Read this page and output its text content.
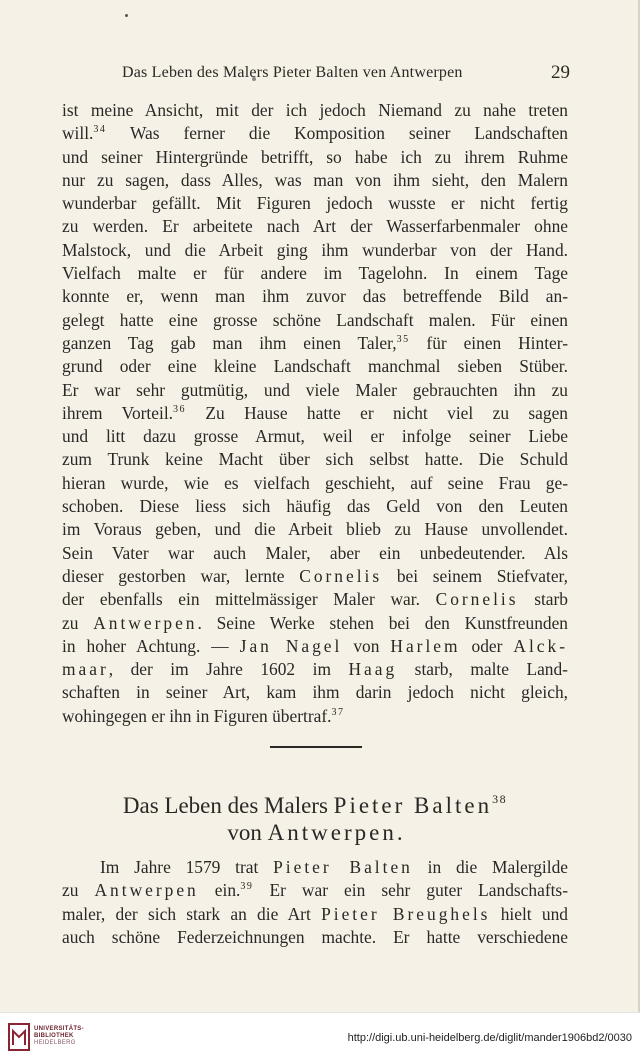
Das Leben des Malers Pieter Balten ven Antwerpen	29
ist meine Ansicht, mit der ich jedoch Niemand zu nahe treten
will.$^{34}$ Was ferner die Komposition seiner Landschaften
und seiner Hintergründe betrifft, so habe ich zu ihrem Ruhme
nur zu sagen, dass Alles, was man von ihm sieht, den Malern
wunderbar gefällt. Mit Figuren jedoch wusste er nicht fertig
zu werden. Er arbeitete nach Art der Wasserfarbenmaler ohne
Malstock, und die Arbeit ging ihm wunderbar von der Hand.
Vielfach malte er für andere im Tagelohn. In einem Tage
konnte er, wenn man ihm zuvor das betreffende Bild an-
gelegt hatte eine grosse schöne Landschaft malen. Für einen
ganzen Tag gab man ihm einen Taler,$^{35}$ für einen Hinter-
grund oder eine kleine Landschaft manchmal sieben Stüber.
Er war sehr gutmütig, und viele Maler gebrauchten ihn zu
ihrem Vorteil.$^{36}$ Zu Hause hatte er nicht viel zu sagen
und litt dazu grosse Armut, weil er infolge seiner Liebe
zum Trunk keine Macht über sich selbst hatte. Die Schuld
hieran wurde, wie es vielfach geschieht, auf seine Frau ge-
schoben. Diese liess sich häufig das Geld von den Leuten
im Voraus geben, und die Arbeit blieb zu Hause unvollendet.
Sein Vater war auch Maler, aber ein unbedeutender. Als
dieser gestorben war, lernte Cornelis bei seinem Stiefvater,
der ebenfalls ein mittelmässiger Maler war. Cornelis starb
zu Antwerpen. Seine Werke stehen bei den Kunstfreunden
in hoher Achtung. — Jan Nagel von Harlem oder Alck-
maar, der im Jahre 1602 im Haag starb, malte Land-
schaften in seiner Art, kam ihm darin jedoch nicht gleich,
wohingegen er ihn in Figuren übertraf.$^{37}$
Das Leben des Malers Pieter Balten$^{38}$
von Antwerpen.
Im Jahre 1579 trat Pieter Balten in die Malergilde
zu Antwerpen ein.$^{39}$ Er war ein sehr guter Landschafts-
maler, der sich stark an die Art Pieter Breughels hielt und
auch schöne Federzeichnungen machte. Er hatte verschiedene
UNIVERSITÄTS-
BIBLIOTHEK
HEIDELBERG	http://digi.ub.uni-heidelberg.de/diglit/mander1906bd2/0030
